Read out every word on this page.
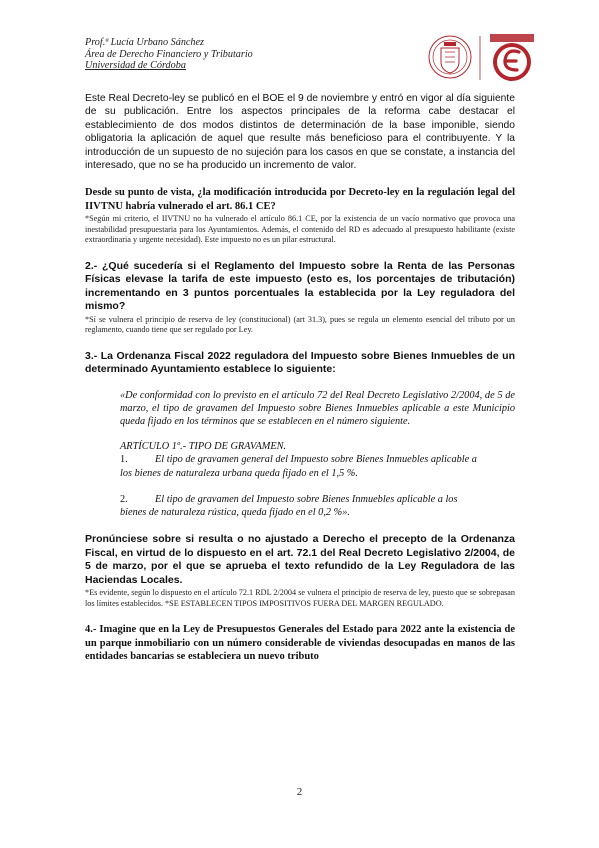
Prof.ª Lucía Urbano Sánchez
Área de Derecho Financiero y Tributario
Universidad de Córdoba

Este Real Decreto-ley se publicó en el BOE el 9 de noviembre y entró en vigor al día siguiente de su publicación. Entre los aspectos principales de la reforma cabe destacar el establecimiento de dos modos distintos de determinación de la base imponible, siendo obligatoria la aplicación de aquel que resulte más beneficioso para el contribuyente. Y la introducción de un supuesto de no sujeción para los casos en que se constate, a instancia del interesado, que no se ha producido un incremento de valor.

Desde su punto de vista, ¿la modificación introducida por Decreto-ley en la regulación legal del IIVTNU habría vulnerado el art. 86.1 CE?

*Según mi criterio, el IIVTNU no ha vulnerado el artículo 86.1 CE, por la existencia de un vacío normativo que provoca una inestabilidad presupuestaria para los Ayuntamientos. Además, el contenido del RD es adecuado al presupuesto habilitante (existe extraordinaria y urgente necesidad). Este impuesto no es un pilar estructural.

2.- ¿Qué sucedería si el Reglamento del Impuesto sobre la Renta de las Personas Físicas elevase la tarifa de este impuesto (esto es, los porcentajes de tributación) incrementando en 3 puntos porcentuales la establecida por la Ley reguladora del mismo?

*Sí se vulnera el principio de reserva de ley (constitucional) (art 31.3), pues se regula un elemento esencial del tributo por un reglamento, cuando tiene que ser regulado por Ley.

3.- La Ordenanza Fiscal 2022 reguladora del Impuesto sobre Bienes Inmuebles de un determinado Ayuntamiento establece lo siguiente:

«De conformidad con lo previsto en el artículo 72 del Real Decreto Legislativo 2/2004, de 5 de marzo, el tipo de gravamen del Impuesto sobre Bienes Inmuebles aplicable a este Municipio queda fijado en los términos que se establecen en el número siguiente.

ARTÍCULO 1º.- TIPO DE GRAVAMEN.

1.	El tipo de gravamen general del Impuesto sobre Bienes Inmuebles aplicable a

los bienes de naturaleza urbana queda fijado en el 1,5 %.

2.	El tipo de gravamen del Impuesto sobre Bienes Inmuebles aplicable a los

bienes de naturaleza rústica, queda fijado en el 0,2 %».

Pronúnciese sobre si resulta o no ajustado a Derecho el precepto de la Ordenanza Fiscal, en virtud de lo dispuesto en el art. 72.1 del Real Decreto Legislativo 2/2004, de 5 de marzo, por el que se aprueba el texto refundido de la Ley Reguladora de las Haciendas Locales.

*Es evidente, según lo dispuesto en el artículo 72.1 RDL 2/2004 se vulnera el principio de reserva de ley, puesto que se sobrepasan los límites establecidos. *SE ESTABLECEN TIPOS IMPOSITIVOS FUERA DEL MARGEN REGULADO.

4.- Imagine que en la Ley de Presupuestos Generales del Estado para 2022 ante la existencia de un parque inmobiliario con un número considerable de viviendas desocupadas en manos de las entidades bancarias se estableciera un nuevo tributo

2
